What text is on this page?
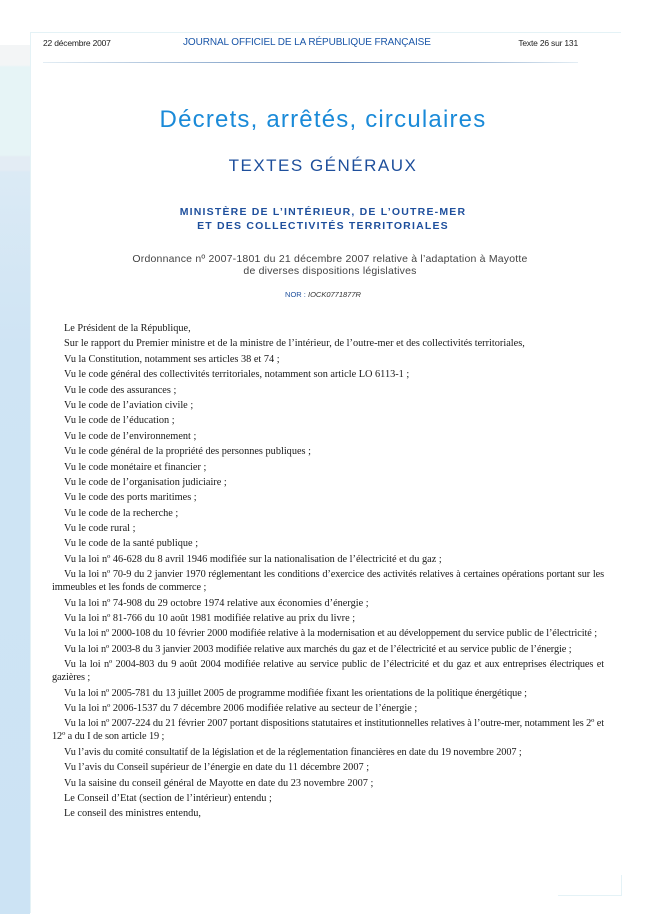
22 décembre 2007	JOURNAL OFFICIEL DE LA RÉPUBLIQUE FRANÇAISE	Texte 26 sur 131
Décrets, arrêtés, circulaires
TEXTES GÉNÉRAUX
MINISTÈRE DE L’INTÉRIEUR, DE L’OUTRE-MER
ET DES COLLECTIVITÉS TERRITORIALES
Ordonnance nº 2007-1801 du 21 décembre 2007 relative à l’adaptation à Mayotte
de diverses dispositions législatives
NOR : IOCK0771877R

Le Président de la République,

Sur le rapport du Premier ministre et de la ministre de l’intérieur, de l’outre-mer et des collectivités territoriales,

Vu la Constitution, notamment ses articles 38 et 74 ;

Vu le code général des collectivités territoriales, notamment son article LO 6113-1 ;

Vu le code des assurances ;

Vu le code de l’aviation civile ;

Vu le code de l’éducation ;

Vu le code de l’environnement ;

Vu le code général de la propriété des personnes publiques ;

Vu le code monétaire et financier ;

Vu le code de l’organisation judiciaire ;

Vu le code des ports maritimes ;

Vu le code de la recherche ;

Vu le code rural ;

Vu le code de la santé publique ;

Vu la loi nº 46-628 du 8 avril 1946 modifiée sur la nationalisation de l’électricité et du gaz ;

Vu la loi nº 70-9 du 2 janvier 1970 réglementant les conditions d’exercice des activités relatives à certaines opérations portant sur les immeubles et les fonds de commerce ;

Vu la loi nº 74-908 du 29 octobre 1974 relative aux économies d’énergie ;

Vu la loi nº 81-766 du 10 août 1981 modifiée relative au prix du livre ;

Vu la loi nº 2000-108 du 10 février 2000 modifiée relative à la modernisation et au développement du service public de l’électricité ;

Vu la loi nº 2003-8 du 3 janvier 2003 modifiée relative aux marchés du gaz et de l’électricité et au service public de l’énergie ;

Vu la loi nº 2004-803 du 9 août 2004 modifiée relative au service public de l’électricité et du gaz et aux entreprises électriques et gazières ;

Vu la loi nº 2005-781 du 13 juillet 2005 de programme modifiée fixant les orientations de la politique énergétique ;

Vu la loi nº 2006-1537 du 7 décembre 2006 modifiée relative au secteur de l’énergie ;

Vu la loi nº 2007-224 du 21 février 2007 portant dispositions statutaires et institutionnelles relatives à l’outre-mer, notamment les 2º et 12º a du I de son article 19 ;

Vu l’avis du comité consultatif de la législation et de la réglementation financières en date du 19 novembre 2007 ;

Vu l’avis du Conseil supérieur de l’énergie en date du 11 décembre 2007 ;

Vu la saisine du conseil général de Mayotte en date du 23 novembre 2007 ;

Le Conseil d’Etat (section de l’intérieur) entendu ;

Le conseil des ministres entendu,
